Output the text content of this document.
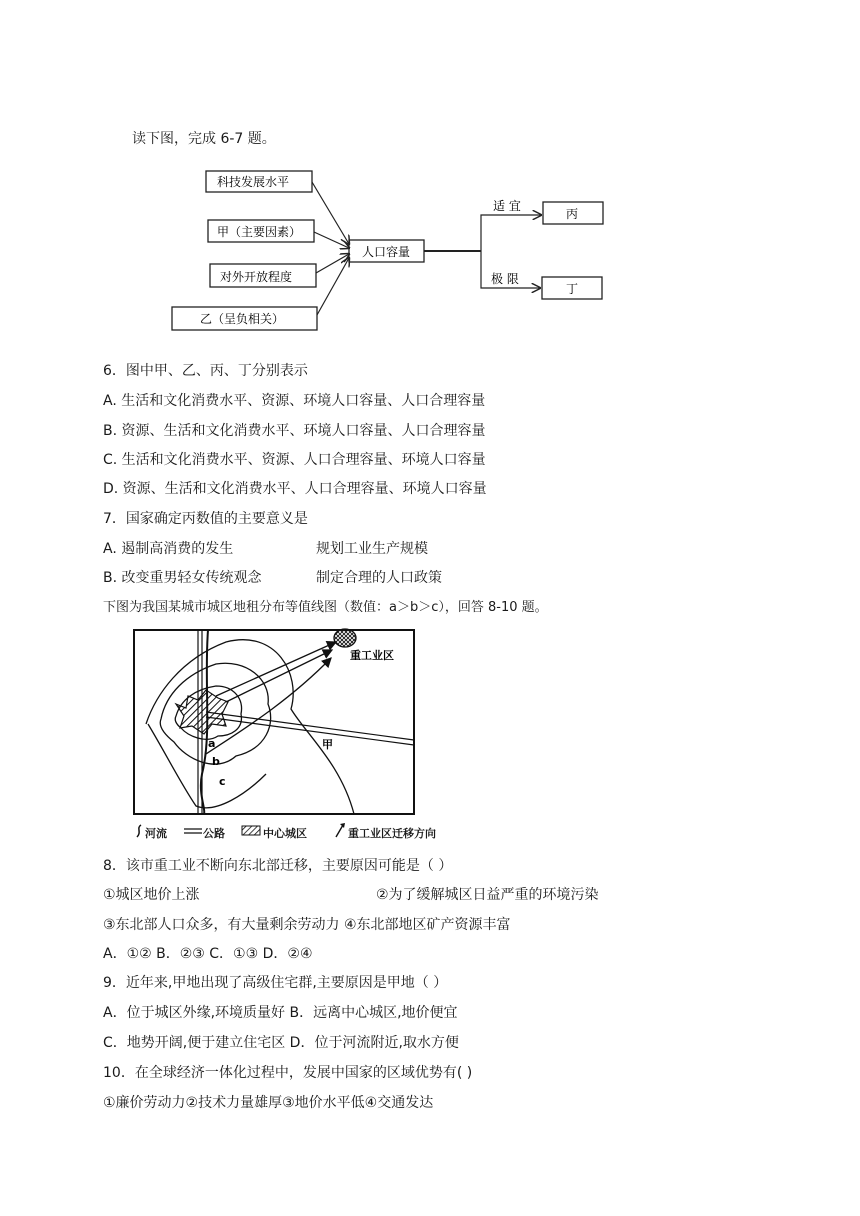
读下图，完成 6-7 题。
科技发展水平
甲（主要因素）
对外开放程度
乙（呈负相关）
人口容量
适 宜
极 限
丙
丁
6．图中甲、乙、丙、丁分别表示
A. 生活和文化消费水平、资源、环境人口容量、人口合理容量
B. 资源、生活和文化消费水平、环境人口容量、人口合理容量
C. 生活和文化消费水平、资源、人口合理容量、环境人口容量
D. 资源、生活和文化消费水平、人口合理容量、环境人口容量
7．国家确定丙数值的主要意义是
A. 遏制高消费的发生	规划工业生产规模
B. 改变重男轻女传统观念	制定合理的人口政策
下图为我国某城市城区地租分布等值线图（数值：a＞b＞c），回答 8-10 题。
重工业区
甲
a
b
c
河流	公路	中心城区	重工业区迁移方向
8．该市重工业不断向东北部迁移，主要原因可能是（ ）
①城区地价上涨	②为了缓解城区日益严重的环境污染
③东北部人口众多，有大量剩余劳动力 ④东北部地区矿产资源丰富
A．①② B．②③ C．①③ D．②④
9．近年来,甲地出现了高级住宅群,主要原因是甲地（ ）
A．位于城区外缘,环境质量好 B．远离中心城区,地价便宜
C．地势开阔,便于建立住宅区 D．位于河流附近,取水方便
10．在全球经济一体化过程中，发展中国家的区域优势有( )
①廉价劳动力②技术力量雄厚③地价水平低④交通发达
